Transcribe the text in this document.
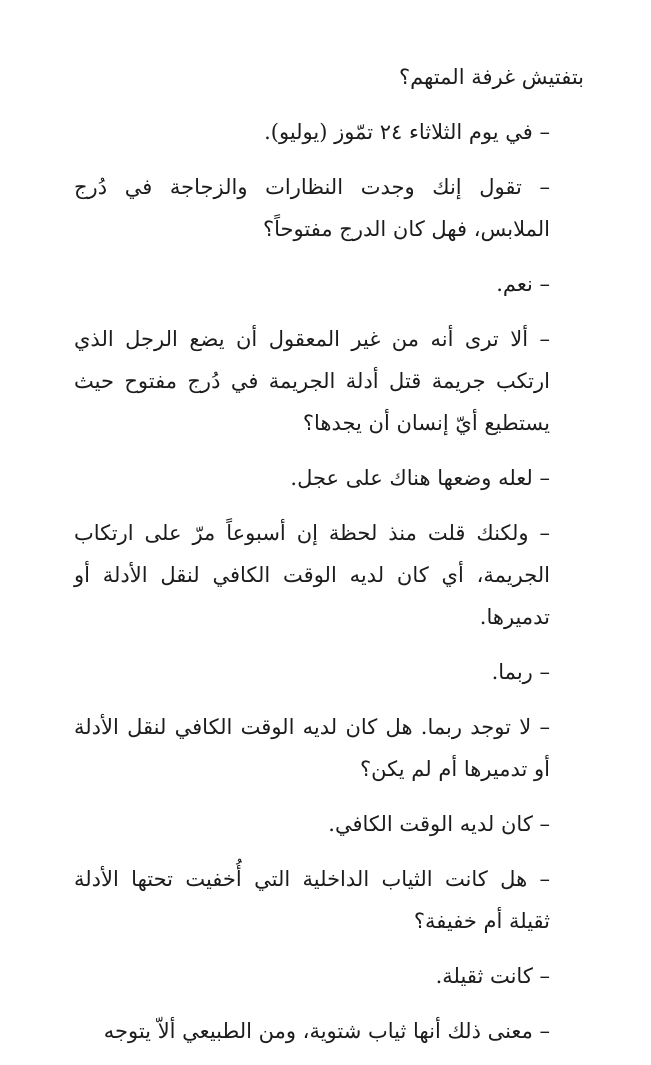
بتفتيش غرفة المتهم؟

– في يوم الثلاثاء ٢٤ تمّوز (يوليو).

– تقول إنك وجدت النظارات والزجاجة في دُرج الملابس، فهل كان الدرج مفتوحاً؟

– نعم.

– ألا ترى أنه من غير المعقول أن يضع الرجل الذي ارتكب جريمة قتل أدلة الجريمة في دُرج مفتوح حيث يستطيع أيّ إنسان أن يجدها؟

– لعله وضعها هناك على عجل.

– ولكنك قلت منذ لحظة إن أسبوعاً مرّ على ارتكاب الجريمة، أي كان لديه الوقت الكافي لنقل الأدلة أو تدميرها.

– ربما.

– لا توجد ربما. هل كان لديه الوقت الكافي لنقل الأدلة أو تدميرها أم لم يكن؟

– كان لديه الوقت الكافي.

– هل كانت الثياب الداخلية التي أُخفيت تحتها الأدلة ثقيلة أم خفيفة؟

– كانت ثقيلة.

– معنى ذلك أنها ثياب شتوية، ومن الطبيعي ألاّ يتوجه
